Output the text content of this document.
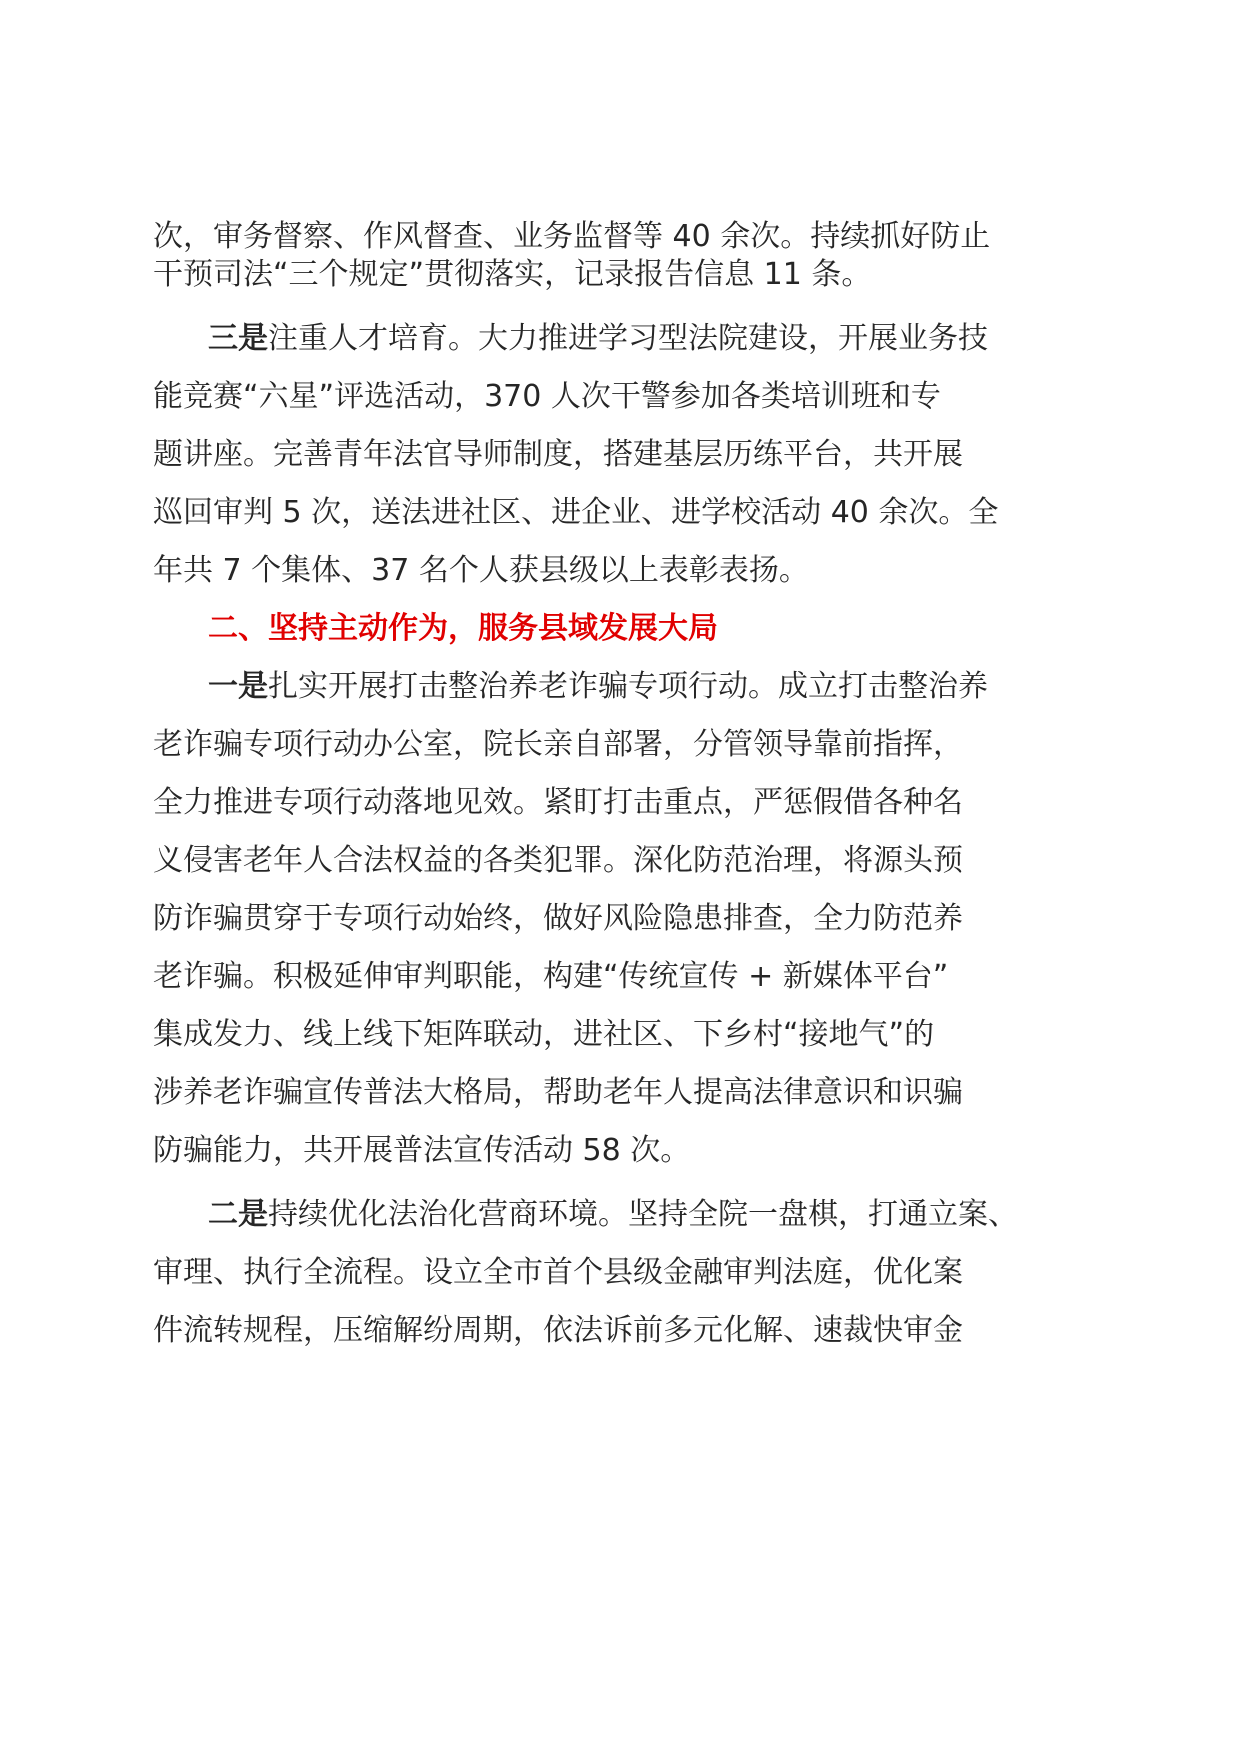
次，审务督察、作风督查、业务监督等 40 余次。持续抓好防止
干预司法“三个规定”贯彻落实，记录报告信息 11 条。
三是注重人才培育。大力推进学习型法院建设，开展业务技
能竞赛“六星”评选活动，370 人次干警参加各类培训班和专
题讲座。完善青年法官导师制度，搭建基层历练平台，共开展
巡回审判 5 次，送法进社区、进企业、进学校活动 40 余次。全
年共 7 个集体、37 名个人获县级以上表彰表扬。
二、坚持主动作为，服务县域发展大局
一是扎实开展打击整治养老诈骗专项行动。成立打击整治养
老诈骗专项行动办公室，院长亲自部署，分管领导靠前指挥，
全力推进专项行动落地见效。紧盯打击重点，严惩假借各种名
义侵害老年人合法权益的各类犯罪。深化防范治理，将源头预
防诈骗贯穿于专项行动始终，做好风险隐患排查，全力防范养
老诈骗。积极延伸审判职能，构建“传统宣传 + 新媒体平台”
集成发力、线上线下矩阵联动，进社区、下乡村“接地气”的
涉养老诈骗宣传普法大格局，帮助老年人提高法律意识和识骗
防骗能力，共开展普法宣传活动 58 次。
二是持续优化法治化营商环境。坚持全院一盘棋，打通立案、
审理、执行全流程。设立全市首个县级金融审判法庭，优化案
件流转规程，压缩解纷周期，依法诉前多元化解、速裁快审金
